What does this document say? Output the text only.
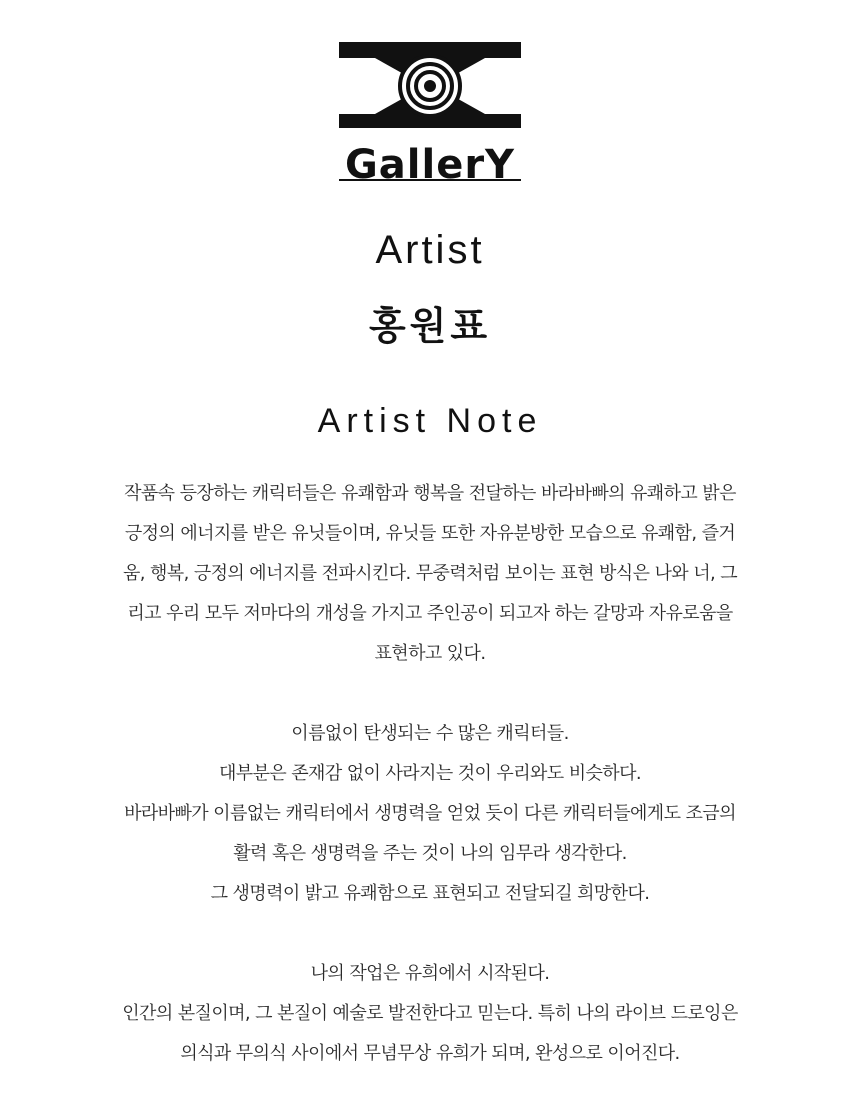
GallerY
Artist
홍원표
Artist Note
작품속 등장하는 캐릭터들은 유쾌함과 행복을 전달하는 바라바빠의 유쾌하고 밝은
긍정의 에너지를 받은 유닛들이며, 유닛들 또한 자유분방한 모습으로 유쾌함, 즐거
움, 행복, 긍정의 에너지를 전파시킨다. 무중력처럼 보이는 표현 방식은 나와 너, 그
리고 우리 모두 저마다의 개성을 가지고 주인공이 되고자 하는 갈망과 자유로움을
표현하고 있다.
이름없이 탄생되는 수 많은 캐릭터들.
대부분은 존재감 없이 사라지는 것이 우리와도 비슷하다.
바라바빠가 이름없는 캐릭터에서 생명력을 얻었 듯이 다른 캐릭터들에게도 조금의
활력 혹은 생명력을 주는 것이 나의 임무라 생각한다.
그 생명력이 밝고 유쾌함으로 표현되고 전달되길 희망한다.
나의 작업은 유희에서 시작된다.
인간의 본질이며, 그 본질이 예술로 발전한다고 믿는다. 특히 나의 라이브 드로잉은
의식과 무의식 사이에서 무념무상 유희가 되며, 완성으로 이어진다.
